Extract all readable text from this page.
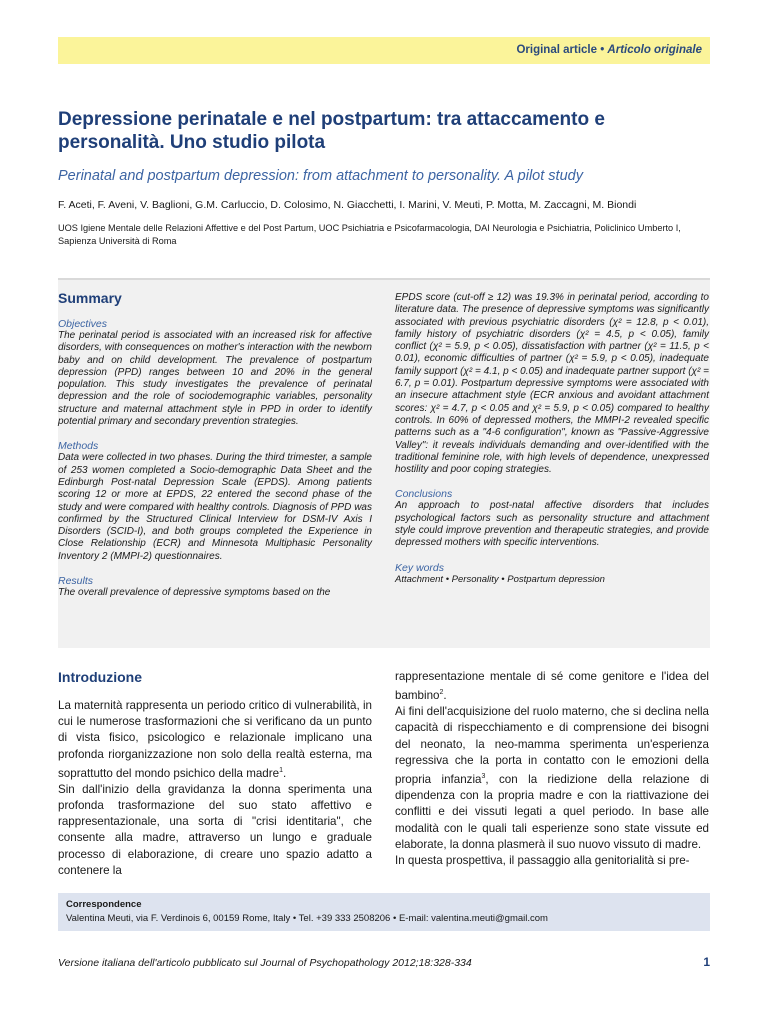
Original article • Articolo originale
Depressione perinatale e nel postpartum: tra attaccamento e personalità. Uno studio pilota
Perinatal and postpartum depression: from attachment to personality. A pilot study
F. Aceti, F. Aveni, V. Baglioni, G.M. Carluccio, D. Colosimo, N. Giacchetti, I. Marini, V. Meuti, P. Motta, M. Zaccagni, M. Biondi
UOS Igiene Mentale delle Relazioni Affettive e del Post Partum, UOC Psichiatria e Psicofarmacologia, DAI Neurologia e Psichiatria, Policlinico Umberto I, Sapienza Università di Roma
Summary

Objectives

The perinatal period is associated with an increased risk for affective disorders, with consequences on mother's interaction with the newborn baby and on child development. The prevalence of postpartum depression (PPD) ranges between 10 and 20% in the general population. This study investigates the prevalence of perinatal depression and the role of sociodemographic variables, personality structure and maternal attachment style in PPD in order to identify potential primary and secondary prevention strategies.

Methods

Data were collected in two phases. During the third trimester, a sample of 253 women completed a Socio-demographic Data Sheet and the Edinburgh Post-natal Depression Scale (EPDS). Among patients scoring 12 or more at EPDS, 22 entered the second phase of the study and were compared with healthy controls. Diagnosis of PPD was confirmed by the Structured Clinical Interview for DSM-IV Axis I Disorders (SCID-I), and both groups completed the Experience in Close Relationship (ECR) and Minnesota Multiphasic Personality Inventory 2 (MMPI-2) questionnaires.

Results

The overall prevalence of depressive symptoms based on the

EPDS score (cut-off ≥ 12) was 19.3% in perinatal period, according to literature data. The presence of depressive symptoms was significantly associated with previous psychiatric disorders (χ² = 12.8, p < 0.01), family history of psychiatric disorders (χ² = 4.5, p < 0.05), family conflict (χ² = 5.9, p < 0.05), dissatisfaction with partner (χ² = 11.5, p < 0.01), economic difficulties of partner (χ² = 5.9, p < 0.05), inadequate family support (χ² = 4.1, p < 0.05) and inadequate partner support (χ² = 6.7, p = 0.01). Postpartum depressive symptoms were associated with an insecure attachment style (ECR anxious and avoidant attachment scores: χ² = 4.7, p < 0.05 and χ² = 5.9, p < 0.05) compared to healthy controls. In 60% of depressed mothers, the MMPI-2 revealed specific patterns such as a "4-6 configuration", known as "Passive-Aggressive Valley": it reveals individuals demanding and over-identified with the traditional feminine role, with high levels of dependence, unexpressed hostility and poor coping strategies.

Conclusions

An approach to post-natal affective disorders that includes psychological factors such as personality structure and attachment style could improve prevention and therapeutic strategies, and provide depressed mothers with specific interventions.

Key words

Attachment • Personality • Postpartum depression

Introduzione

La maternità rappresenta un periodo critico di vulnerabilità, in cui le numerose trasformazioni che si verificano da un punto di vista fisico, psicologico e relazionale implicano una profonda riorganizzazione non solo della realtà esterna, ma soprattutto del mondo psichico della madre$^1$.

Sin dall'inizio della gravidanza la donna sperimenta una profonda trasformazione del suo stato affettivo e rappresentazionale, una sorta di "crisi identitaria", che consente alla madre, attraverso un lungo e graduale processo di elaborazione, di creare uno spazio adatto a contenere la

rappresentazione mentale di sé come genitore e l'idea del bambino$^2$.

Ai fini dell'acquisizione del ruolo materno, che si declina nella capacità di rispecchiamento e di comprensione dei bisogni del neonato, la neo-mamma sperimenta un'esperienza regressiva che la porta in contatto con le emozioni della propria infanzia$^3$, con la riedizione della relazione di dipendenza con la propria madre e con la riattivazione dei conflitti e dei vissuti legati a quel periodo. In base alle modalità con le quali tali esperienze sono state vissute ed elaborate, la donna plasmerà il suo nuovo vissuto di madre.

In questa prospettiva, il passaggio alla genitorialità si pre-

Correspondence
Valentina Meuti, via F. Verdinois 6, 00159 Rome, Italy • Tel. +39 333 2508206 • E-mail: valentina.meuti@gmail.com
Versione italiana dell'articolo pubblicato sul Journal of Psychopathology 2012;18:328-334	1
